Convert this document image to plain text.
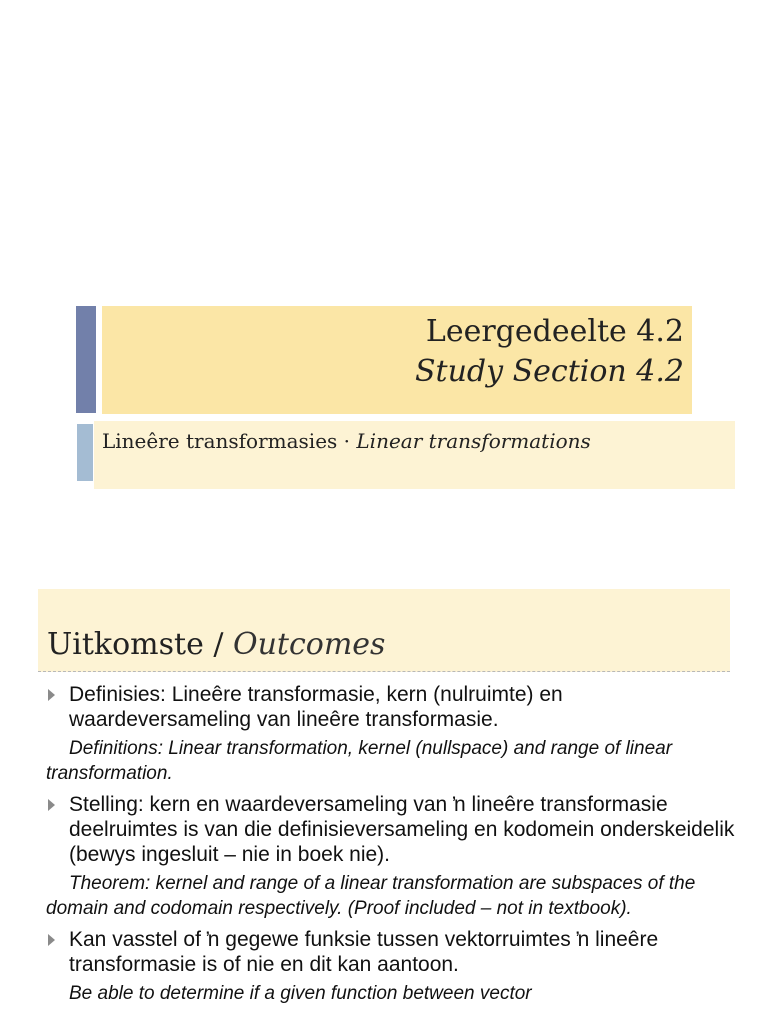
Leergedeelte 4.2
Study Section 4.2
Lineêre transformasies · Linear transformations
Uitkomste / Outcomes
Definisies: Lineêre transformasie, kern (nulruimte) en waardeversameling van lineêre transformasie.
Definitions: Linear transformation, kernel (nullspace) and range of linear transformation.
Stelling: kern en waardeversameling van ŉ lineêre transformasie deelruimtes is van die definisieversameling en kodomein onderskeidelik (bewys ingesluit – nie in boek nie).
Theorem: kernel and range of a linear transformation are subspaces of the domain and codomain respectively. (Proof included – not in textbook).
Kan vasstel of ŉ gegewe funksie tussen vektorruimtes ŉ lineêre transformasie is of nie en dit kan aantoon.
Be able to determine if a given function between vector
